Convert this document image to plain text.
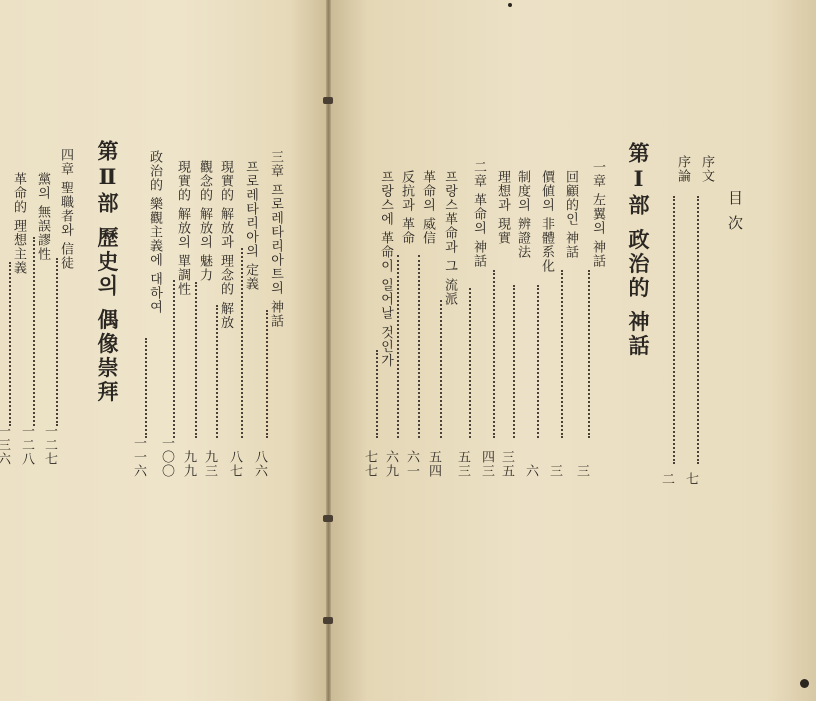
目次
序文
序論
第Ⅰ部 政治的 神話
第Ⅱ部 歷史의 偶像崇拜	一章 左翼의 神話
回顧的인 神話
價値의 非體系化
制度의 辨證法
理想과 現實
二章 革命의 神話
프랑스革命과 그 流派
革命의 威信
反抗과 革命
프랑스에 革命이 일어날 것인가
三章 프로레타리아트의 神話
프로레타리아의 定義
現實的 解放과 理念的 解放
觀念的 解放의 魅力
現實的 解放의 單調性
政治的 樂觀主義에 대하여
四章 聖職者와 信徒
黨의 無誤謬性
革命的 理想主義
